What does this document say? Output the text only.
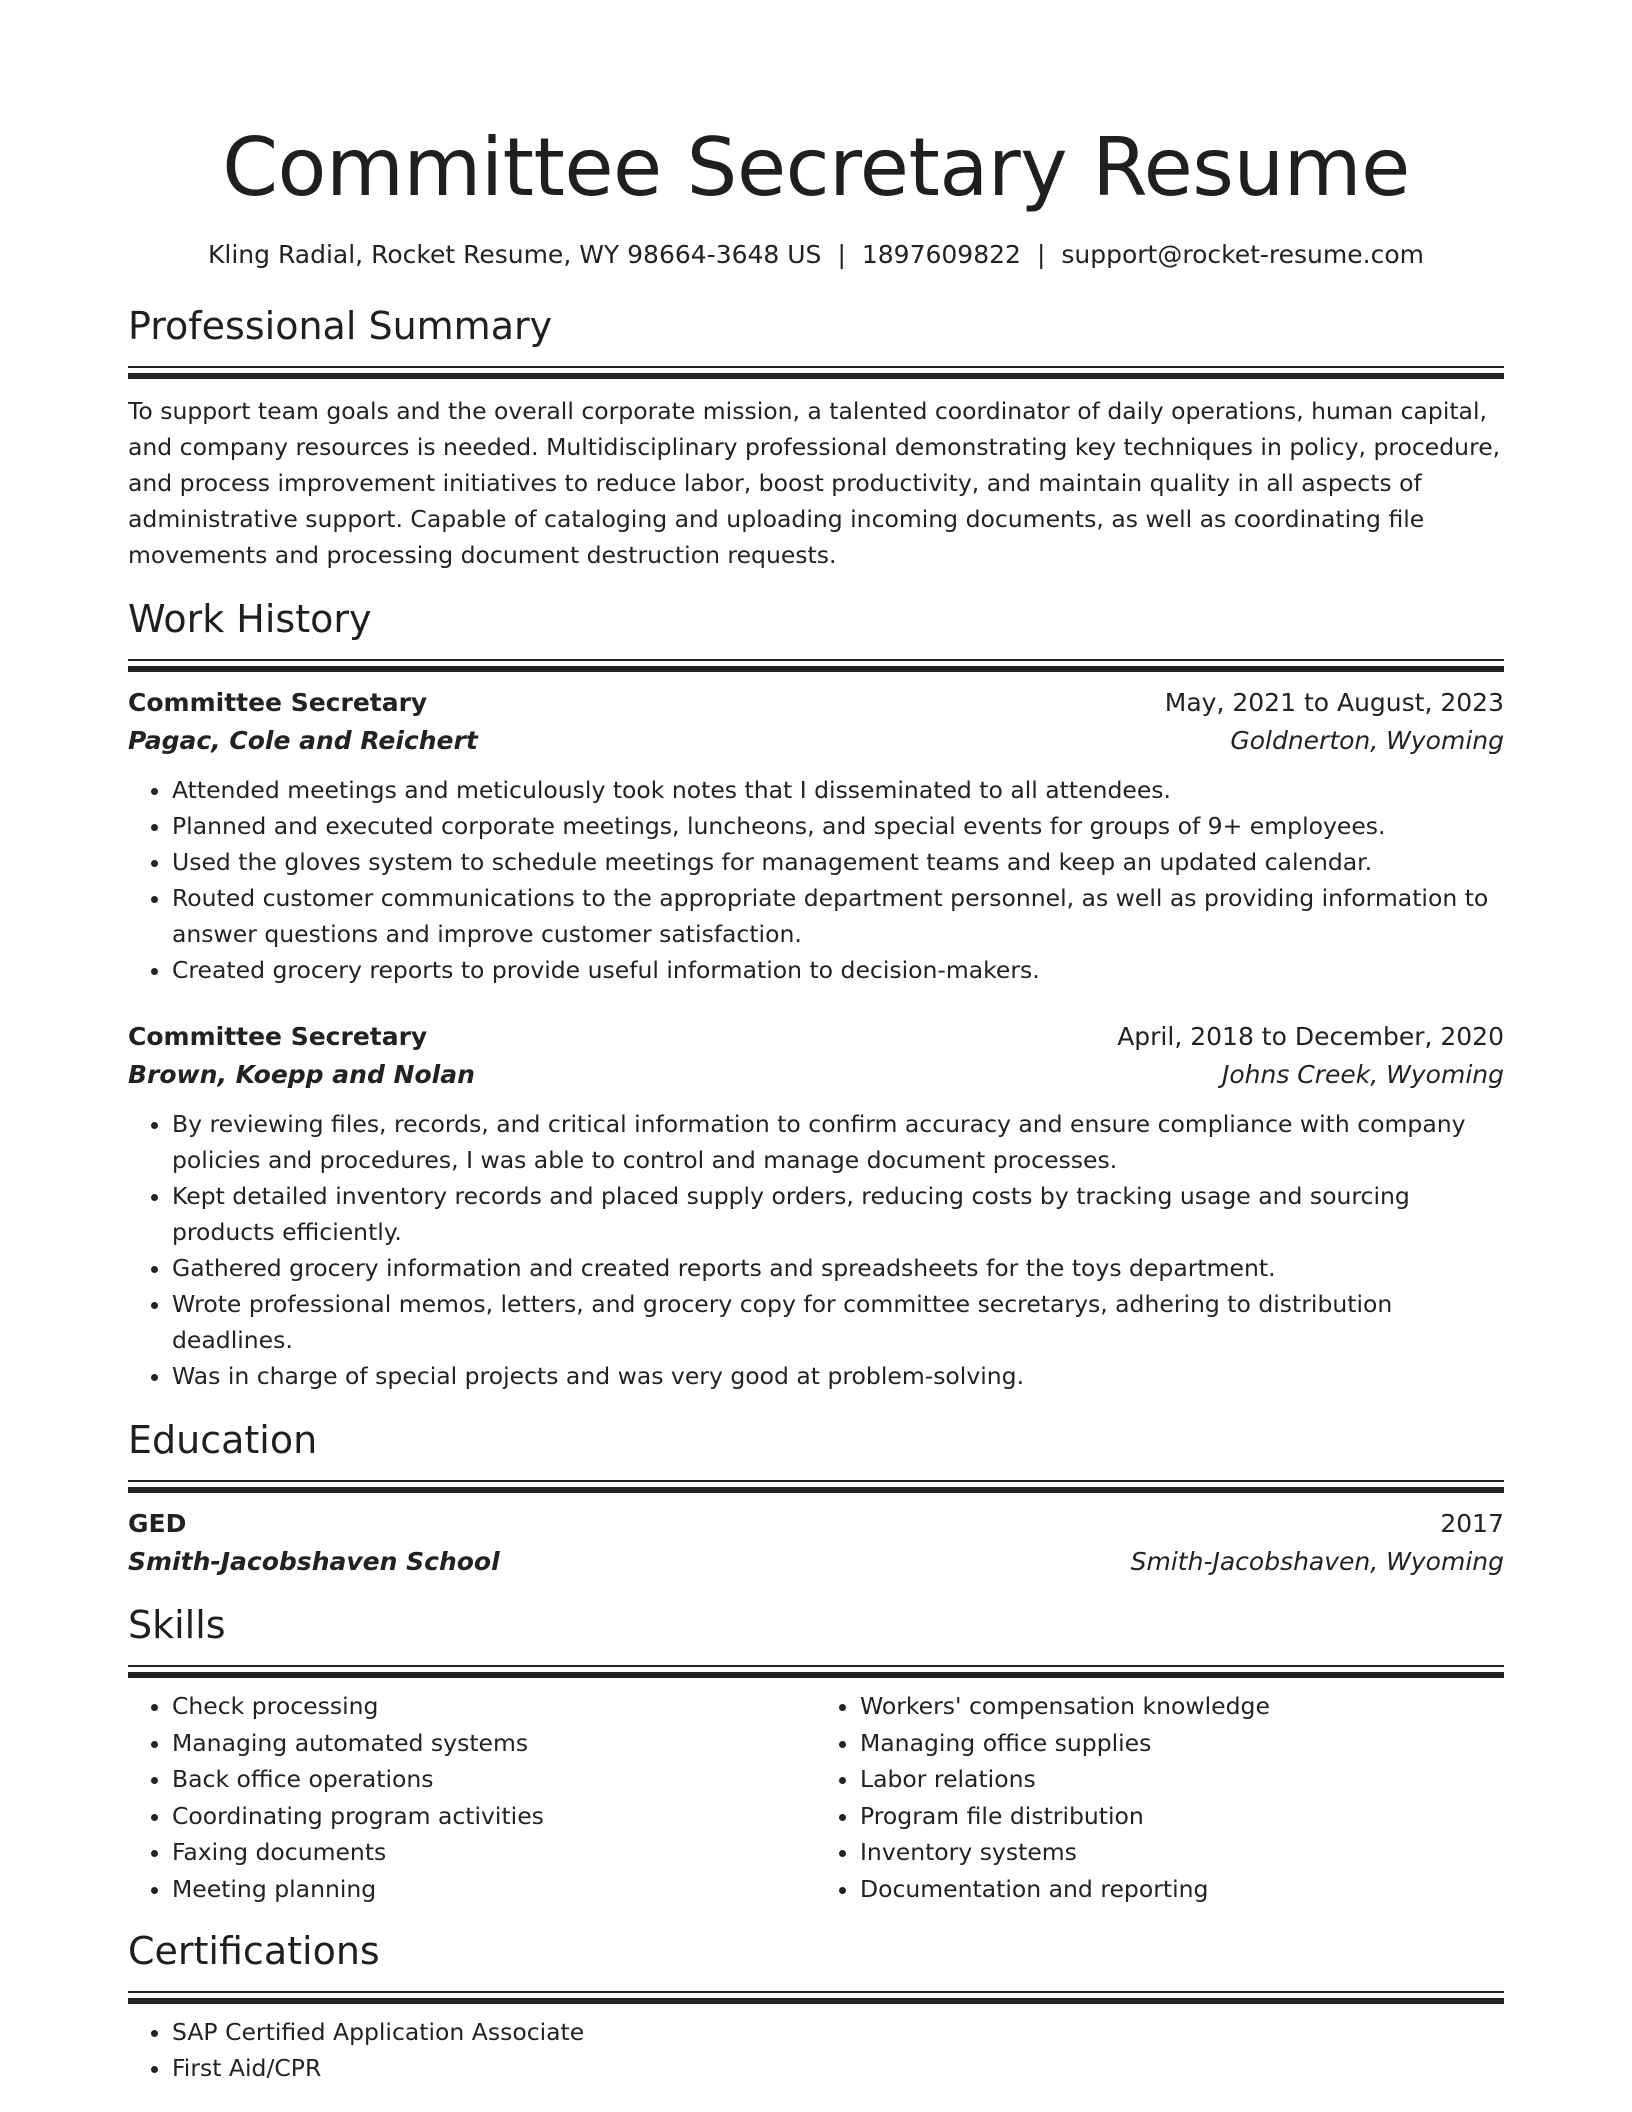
Committee Secretary Resume
Kling Radial, Rocket Resume, WY 98664-3648 US | 1897609822 | support@rocket-resume.com
Professional Summary
To support team goals and the overall corporate mission, a talented coordinator of daily operations, human capital, and company resources is needed. Multidisciplinary professional demonstrating key techniques in policy, procedure, and process improvement initiatives to reduce labor, boost productivity, and maintain quality in all aspects of administrative support. Capable of cataloging and uploading incoming documents, as well as coordinating file movements and processing document destruction requests.
Work History
Committee Secretary	May, 2021 to August, 2023
Pagac, Cole and Reichert	Goldnerton, Wyoming
• Attended meetings and meticulously took notes that I disseminated to all attendees.
• Planned and executed corporate meetings, luncheons, and special events for groups of 9+ employees.
• Used the gloves system to schedule meetings for management teams and keep an updated calendar.
• Routed customer communications to the appropriate department personnel, as well as providing information to answer questions and improve customer satisfaction.
• Created grocery reports to provide useful information to decision-makers.
Committee Secretary	April, 2018 to December, 2020
Brown, Koepp and Nolan	Johns Creek, Wyoming
• By reviewing files, records, and critical information to confirm accuracy and ensure compliance with company policies and procedures, I was able to control and manage document processes.
• Kept detailed inventory records and placed supply orders, reducing costs by tracking usage and sourcing products efficiently.
• Gathered grocery information and created reports and spreadsheets for the toys department.
• Wrote professional memos, letters, and grocery copy for committee secretarys, adhering to distribution deadlines.
• Was in charge of special projects and was very good at problem-solving.
Education
GED	2017
Smith-Jacobshaven School	Smith-Jacobshaven, Wyoming
Skills
• Check processing
• Managing automated systems
• Back office operations
• Coordinating program activities
• Faxing documents
• Meeting planning
• Workers' compensation knowledge
• Managing office supplies
• Labor relations
• Program file distribution
• Inventory systems
• Documentation and reporting
Certifications
• SAP Certified Application Associate
• First Aid/CPR
